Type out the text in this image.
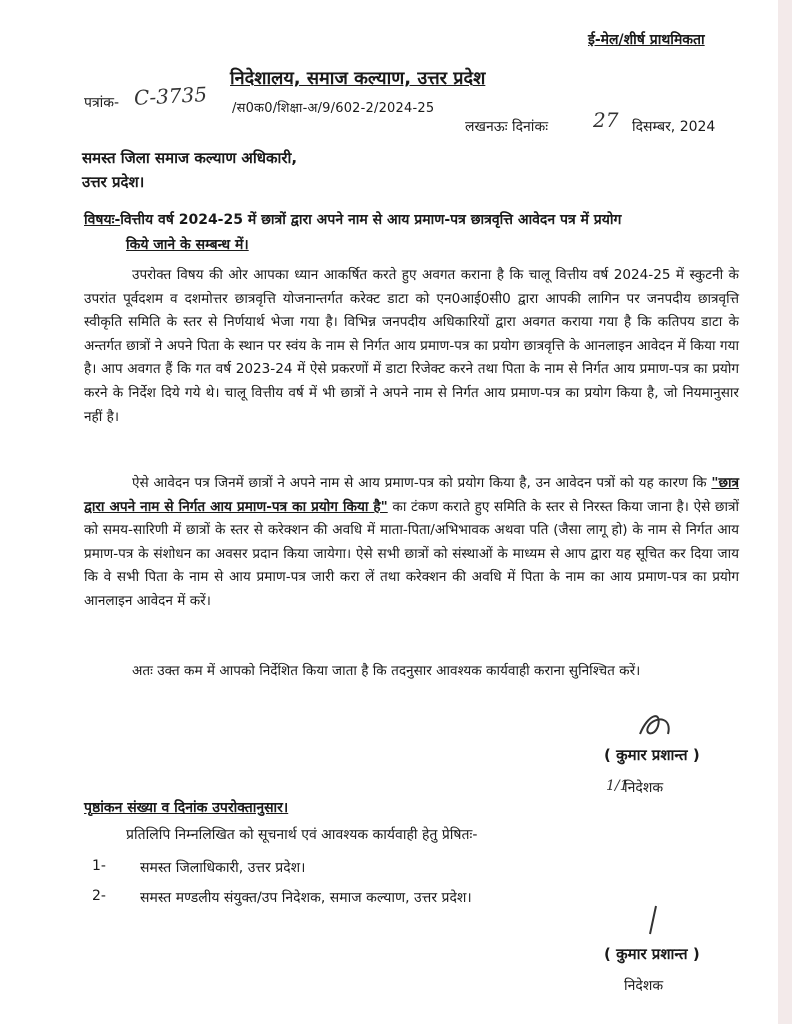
ई-मेल/शीर्ष प्राथमिकता
निदेशालय, समाज कल्याण, उत्तर प्रदेश
पत्रांक- C-3735 /स0क0/शिक्षा-अ/9/602-2/2024-25
लखनऊः दिनांकः 27 दिसम्बर, 2024
समस्त जिला समाज कल्याण अधिकारी,
उत्तर प्रदेश।
विषयः-वित्तीय वर्ष 2024-25 में छात्रों द्वारा अपने नाम से आय प्रमाण-पत्र छात्रवृत्ति आवेदन पत्र में प्रयोग
किये जाने के सम्बन्ध में।
उपरोक्त विषय की ओर आपका ध्यान आकर्षित करते हुए अवगत कराना है कि चालू वित्तीय वर्ष 2024-25 में स्कुटनी के उपरांत पूर्वदशम व दशमोत्तर छात्रवृत्ति योजनान्तर्गत करेक्ट डाटा को एन0आई0सी0 द्वारा आपकी लागिन पर जनपदीय छात्रवृत्ति स्वीकृति समिति के स्तर से निर्णयार्थ भेजा गया है। विभिन्न जनपदीय अधिकारियों द्वारा अवगत कराया गया है कि कतिपय डाटा के अन्तर्गत छात्रों ने अपने पिता के स्थान पर स्वंय के नाम से निर्गत आय प्रमाण-पत्र का प्रयोग छात्रवृत्ति के आनलाइन आवेदन में किया गया है। आप अवगत हैं कि गत वर्ष 2023-24 में ऐसे प्रकरणों में डाटा रिजेक्ट करने तथा पिता के नाम से निर्गत आय प्रमाण-पत्र का प्रयोग करने के निर्देश दिये गये थे। चालू वित्तीय वर्ष में भी छात्रों ने अपने नाम से निर्गत आय प्रमाण-पत्र का प्रयोग किया है, जो नियमानुसार नहीं है।
ऐसे आवेदन पत्र जिनमें छात्रों ने अपने नाम से आय प्रमाण-पत्र को प्रयोग किया है, उन आवेदन पत्रों को यह कारण कि "छात्र द्वारा अपने नाम से निर्गत आय प्रमाण-पत्र का प्रयोग किया है" का टंकण कराते हुए समिति के स्तर से निरस्त किया जाना है। ऐसे छात्रों को समय-सारिणी में छात्रों के स्तर से करेक्शन की अवधि में माता-पिता/अभिभावक अथवा पति (जैसा लागू हो) के नाम से निर्गत आय प्रमाण-पत्र के संशोधन का अवसर प्रदान किया जायेगा। ऐसे सभी छात्रों को संस्थाओं के माध्यम से आप द्वारा यह सूचित कर दिया जाय कि वे सभी पिता के नाम से आय प्रमाण-पत्र जारी करा लें तथा करेक्शन की अवधि में पिता के नाम का आय प्रमाण-पत्र का प्रयोग आनलाइन आवेदन में करें।
अतः उक्त कम में आपको निर्देशित किया जाता है कि तदनुसार आवश्यक कार्यवाही कराना सुनिश्चित करें।
( कुमार प्रशान्त )
1/1
निदेशक
पृष्ठांकन संख्या व दिनांक उपरोक्तानुसार।
प्रतिलिपि निम्नलिखित को सूचनार्थ एवं आवश्यक कार्यवाही हेतु प्रेषितः-
1- समस्त जिलाधिकारी, उत्तर प्रदेश।
2- समस्त मण्डलीय संयुक्त/उप निदेशक, समाज कल्याण, उत्तर प्रदेश।
( कुमार प्रशान्त )
निदेशक
